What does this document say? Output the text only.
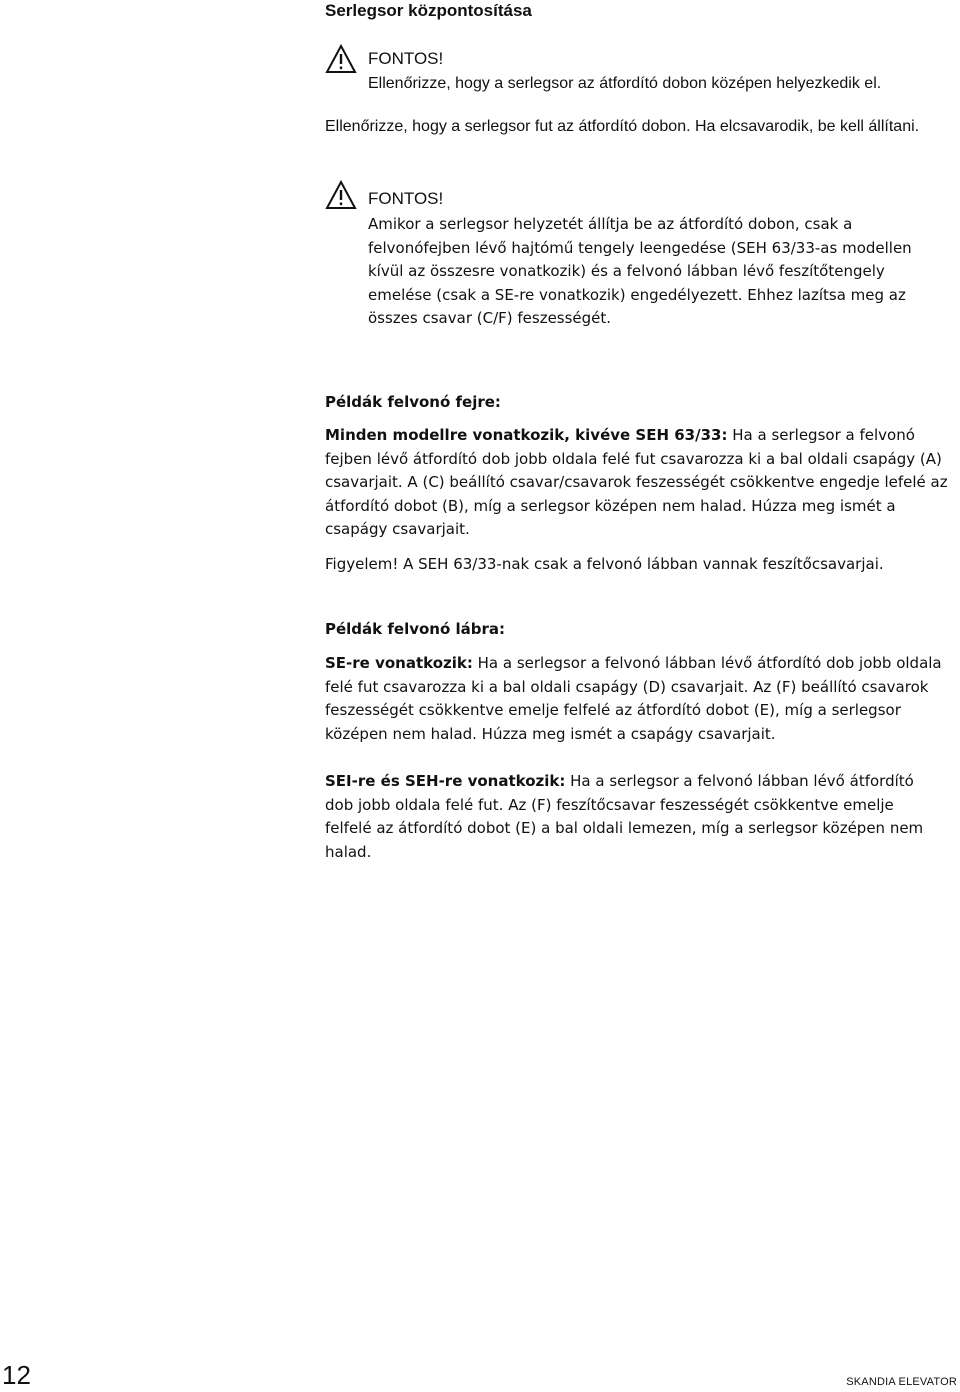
Serlegsor központosítása
FONTOS!
Ellenőrizze, hogy a serlegsor az átfordító dobon középen helyezkedik el.
Ellenőrizze, hogy a serlegsor fut az átfordító dobon. Ha elcsavarodik, be kell állítani.
FONTOS!
Amikor a serlegsor helyzetét állítja be az átfordító dobon, csak a felvonófejben lévő hajtómű tengely leengedése (SEH 63/33-as modellen kívül az összesre vonatkozik) és a felvonó lábban lévő feszítőtengely emelése (csak a SE-re vonatkozik) engedélyezett. Ehhez lazítsa meg az összes csavar (C/F) feszességét.
Példák felvonó fejre:
Minden modellre vonatkozik, kivéve SEH 63/33: Ha a serlegsor a felvonó fejben lévő átfordító dob jobb oldala felé fut csavarozza ki a bal oldali csapágy (A) csavarjait. A (C) beállító csavar/csavarok feszességét csökkentve engedje lefelé az átfordító dobot (B), míg a serlegsor középen nem halad. Húzza meg ismét a csapágy csavarjait.
Figyelem! A SEH 63/33-nak csak a felvonó lábban vannak feszítőcsavarjai.
Példák felvonó lábra:
SE-re vonatkozik: Ha a serlegsor a felvonó lábban lévő átfordító dob jobb oldala felé fut csavarozza ki a bal oldali csapágy (D) csavarjait. Az (F) beállító csavarok feszességét csökkentve emelje felfelé az átfordító dobot (E), míg a serlegsor középen nem halad. Húzza meg ismét a csapágy csavarjait.
SEI-re és SEH-re vonatkozik: Ha a serlegsor a felvonó lábban lévő átfordító dob jobb oldala felé fut. Az (F) feszítőcsavar feszességét csökkentve emelje felfelé az átfordító dobot (E) a bal oldali lemezen, míg a serlegsor középen nem halad.
12	SKANDIA ELEVATOR
